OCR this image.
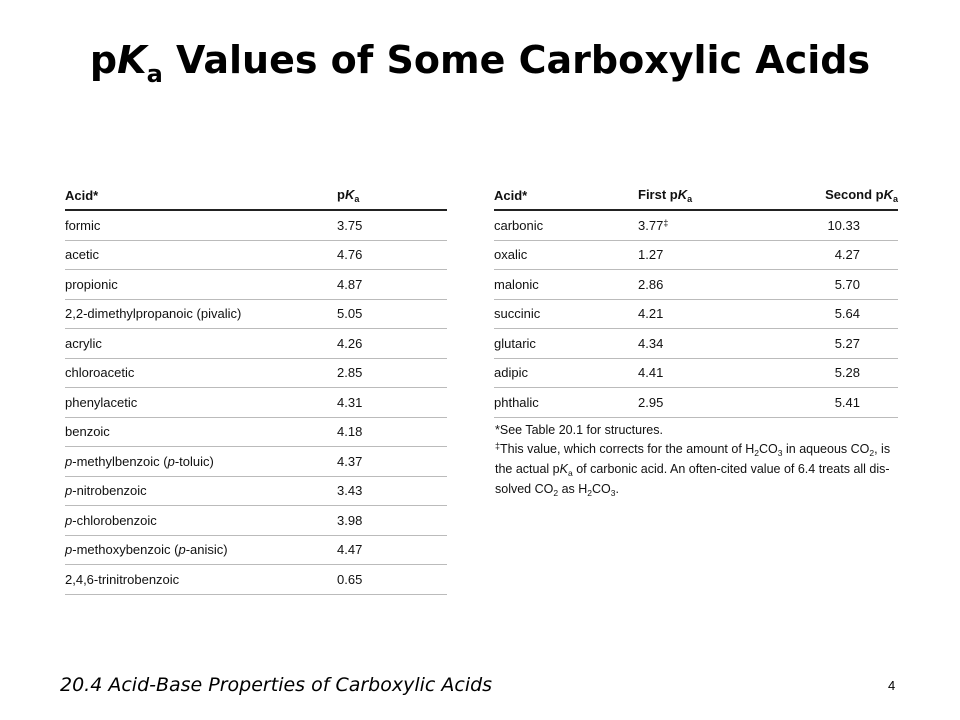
$pK_a$ Values of Some Carboxylic Acids
Acid*	$pK_a$
formic	3.75
acetic	4.76
propionic	4.87
2,2-dimethylpropanoic (pivalic)	5.05
acrylic	4.26
chloroacetic	2.85
phenylacetic	4.31
benzoic	4.18
p-methylbenzoic (p-toluic)	4.37
p-nitrobenzoic	3.43
p-chlorobenzoic	3.98
p-methoxybenzoic (p-anisic)	4.47
2,4,6-trinitrobenzoic	0.65
Acid*	First $pK_a$	Second $pK_a$
carbonic	3.77‡	10.33
oxalic	1.27	4.27
malonic	2.86	5.70
succinic	4.21	5.64
glutaric	4.34	5.27
adipic	4.41	5.28
phthalic	2.95	5.41
*See Table 20.1 for structures.
‡This value, which corrects for the amount of $H_2CO_3$ in aqueous $CO_2$, is
the actual $pK_a$ of carbonic acid. An often-cited value of 6.4 treats all dis-
solved $CO_2$ as $H_2CO_3$.
20.4 Acid-Base Properties of Carboxylic Acids	4
